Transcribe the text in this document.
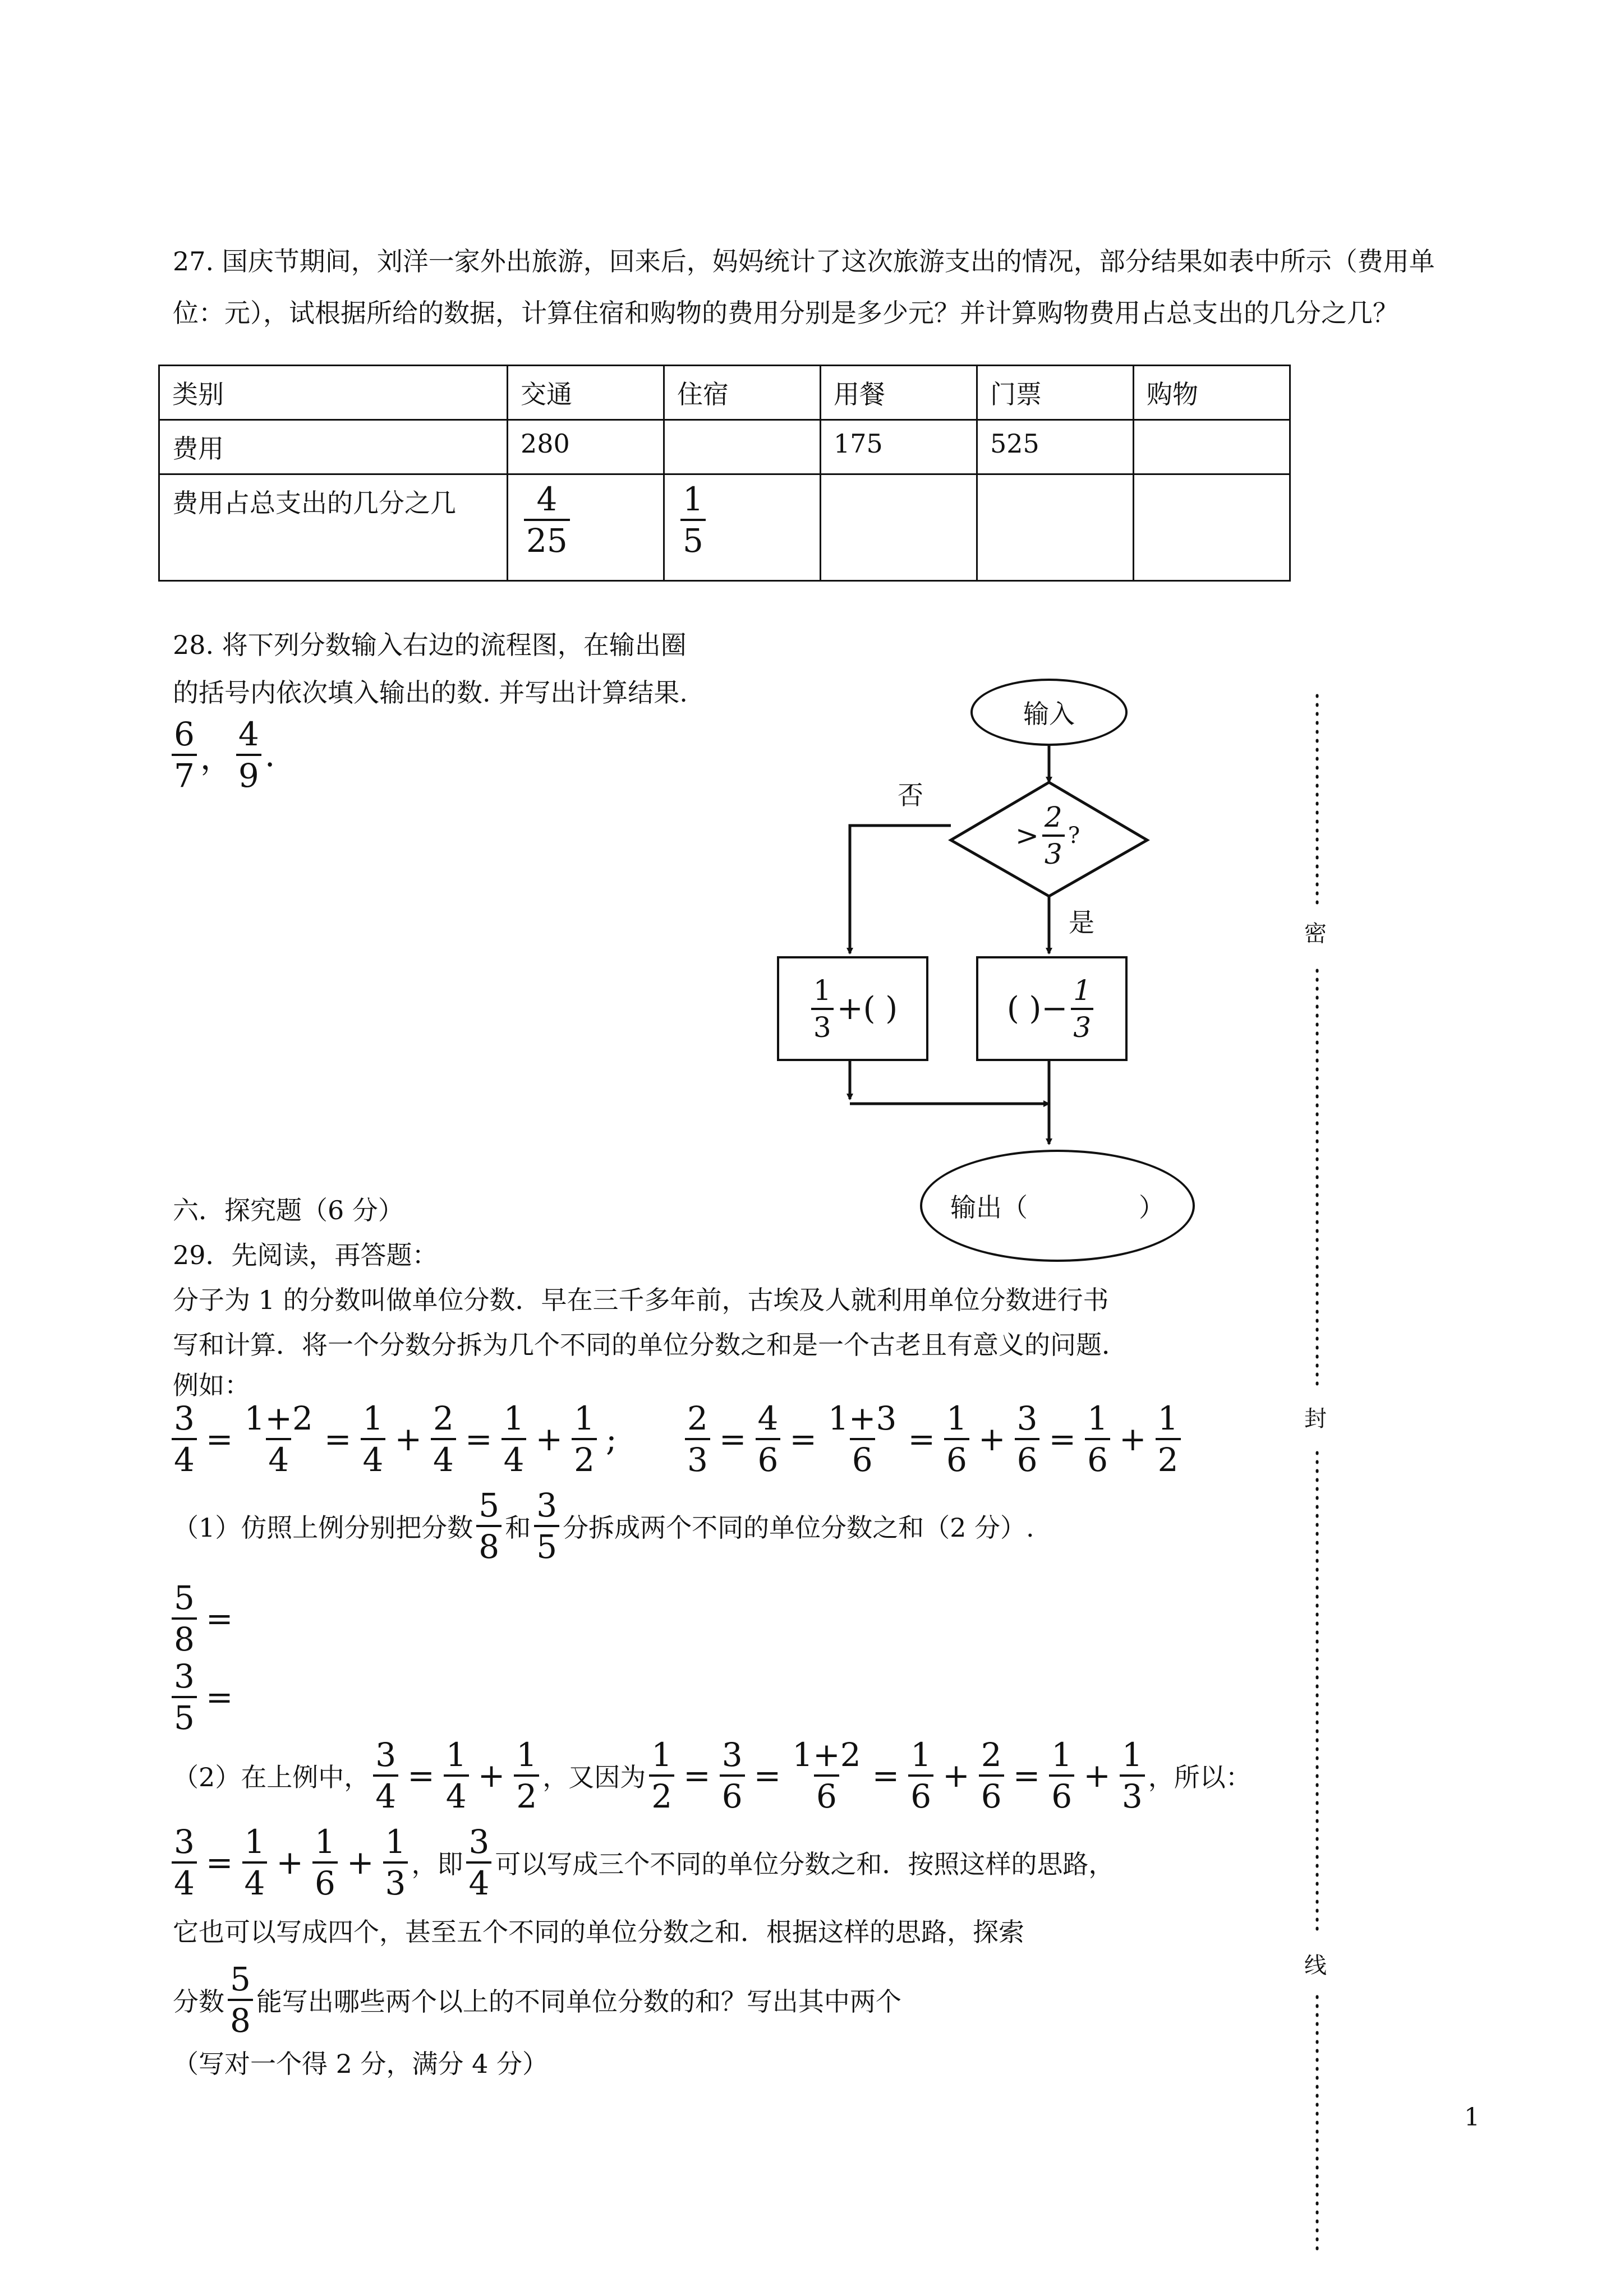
27. 国庆节期间，刘洋一家外出旅游，回来后，妈妈统计了这次旅游支出的情况，部分结果如表中所示（费用单位：元），试根据所给的数据，计算住宿和购物的费用分别是多少元？并计算购物费用占总支出的几分之几？
类别	交通	住宿	用餐	门票	购物
费用	280		175	525	
费用占总支出的几分之几	$\frac{4}{25}$	$\frac{1}{5}$

28. 将下列分数输入右边的流程图，在输出圈
的括号内依次填入输出的数. 并写出计算结果.
$\frac{6}{7}$ ， $\frac{4}{9}$ .
输入
> $\frac{2}{3}$ ?
否
是
$\frac{1}{3}$ +( )	( )− $\frac{1}{3}$
输出（	）
六．探究题（6 分）
29．先阅读，再答题：
分子为 1 的分数叫做单位分数．早在三千多年前，古埃及人就利用单位分数进行书
写和计算．将一个分数分拆为几个不同的单位分数之和是一个古老且有意义的问题．
例如：
$\frac{3}{4} = \frac{1+2}{4} = \frac{1}{4} + \frac{2}{4} = \frac{1}{4} + \frac{1}{2}$ ; $\frac{2}{3} = \frac{4}{6} = \frac{1+3}{6} = \frac{1}{6} + \frac{3}{6} = \frac{1}{6} + \frac{1}{2}$
（1）仿照上例分别把分数 $\frac{5}{8}$ 和 $\frac{3}{5}$ 分拆成两个不同的单位分数之和（2 分）.
$\frac{5}{8}$ =
$\frac{3}{5}$ =
（2）在上例中， $\frac{3}{4} = \frac{1}{4} + \frac{1}{2}$ ，又因为 $\frac{1}{2} = \frac{3}{6} = \frac{1+2}{6} = \frac{1}{6} + \frac{2}{6} = \frac{1}{6} + \frac{1}{3}$ ，所以：
$\frac{3}{4} = \frac{1}{4} + \frac{1}{6} + \frac{1}{3}$ ，即 $\frac{3}{4}$ 可以写成三个不同的单位分数之和．按照这样的思路，
它也可以写成四个，甚至五个不同的单位分数之和．根据这样的思路，探索
分数 $\frac{5}{8}$ 能写出哪些两个以上的不同单位分数的和？写出其中两个
（写对一个得 2 分，满分 4 分）
密
封
线
1
